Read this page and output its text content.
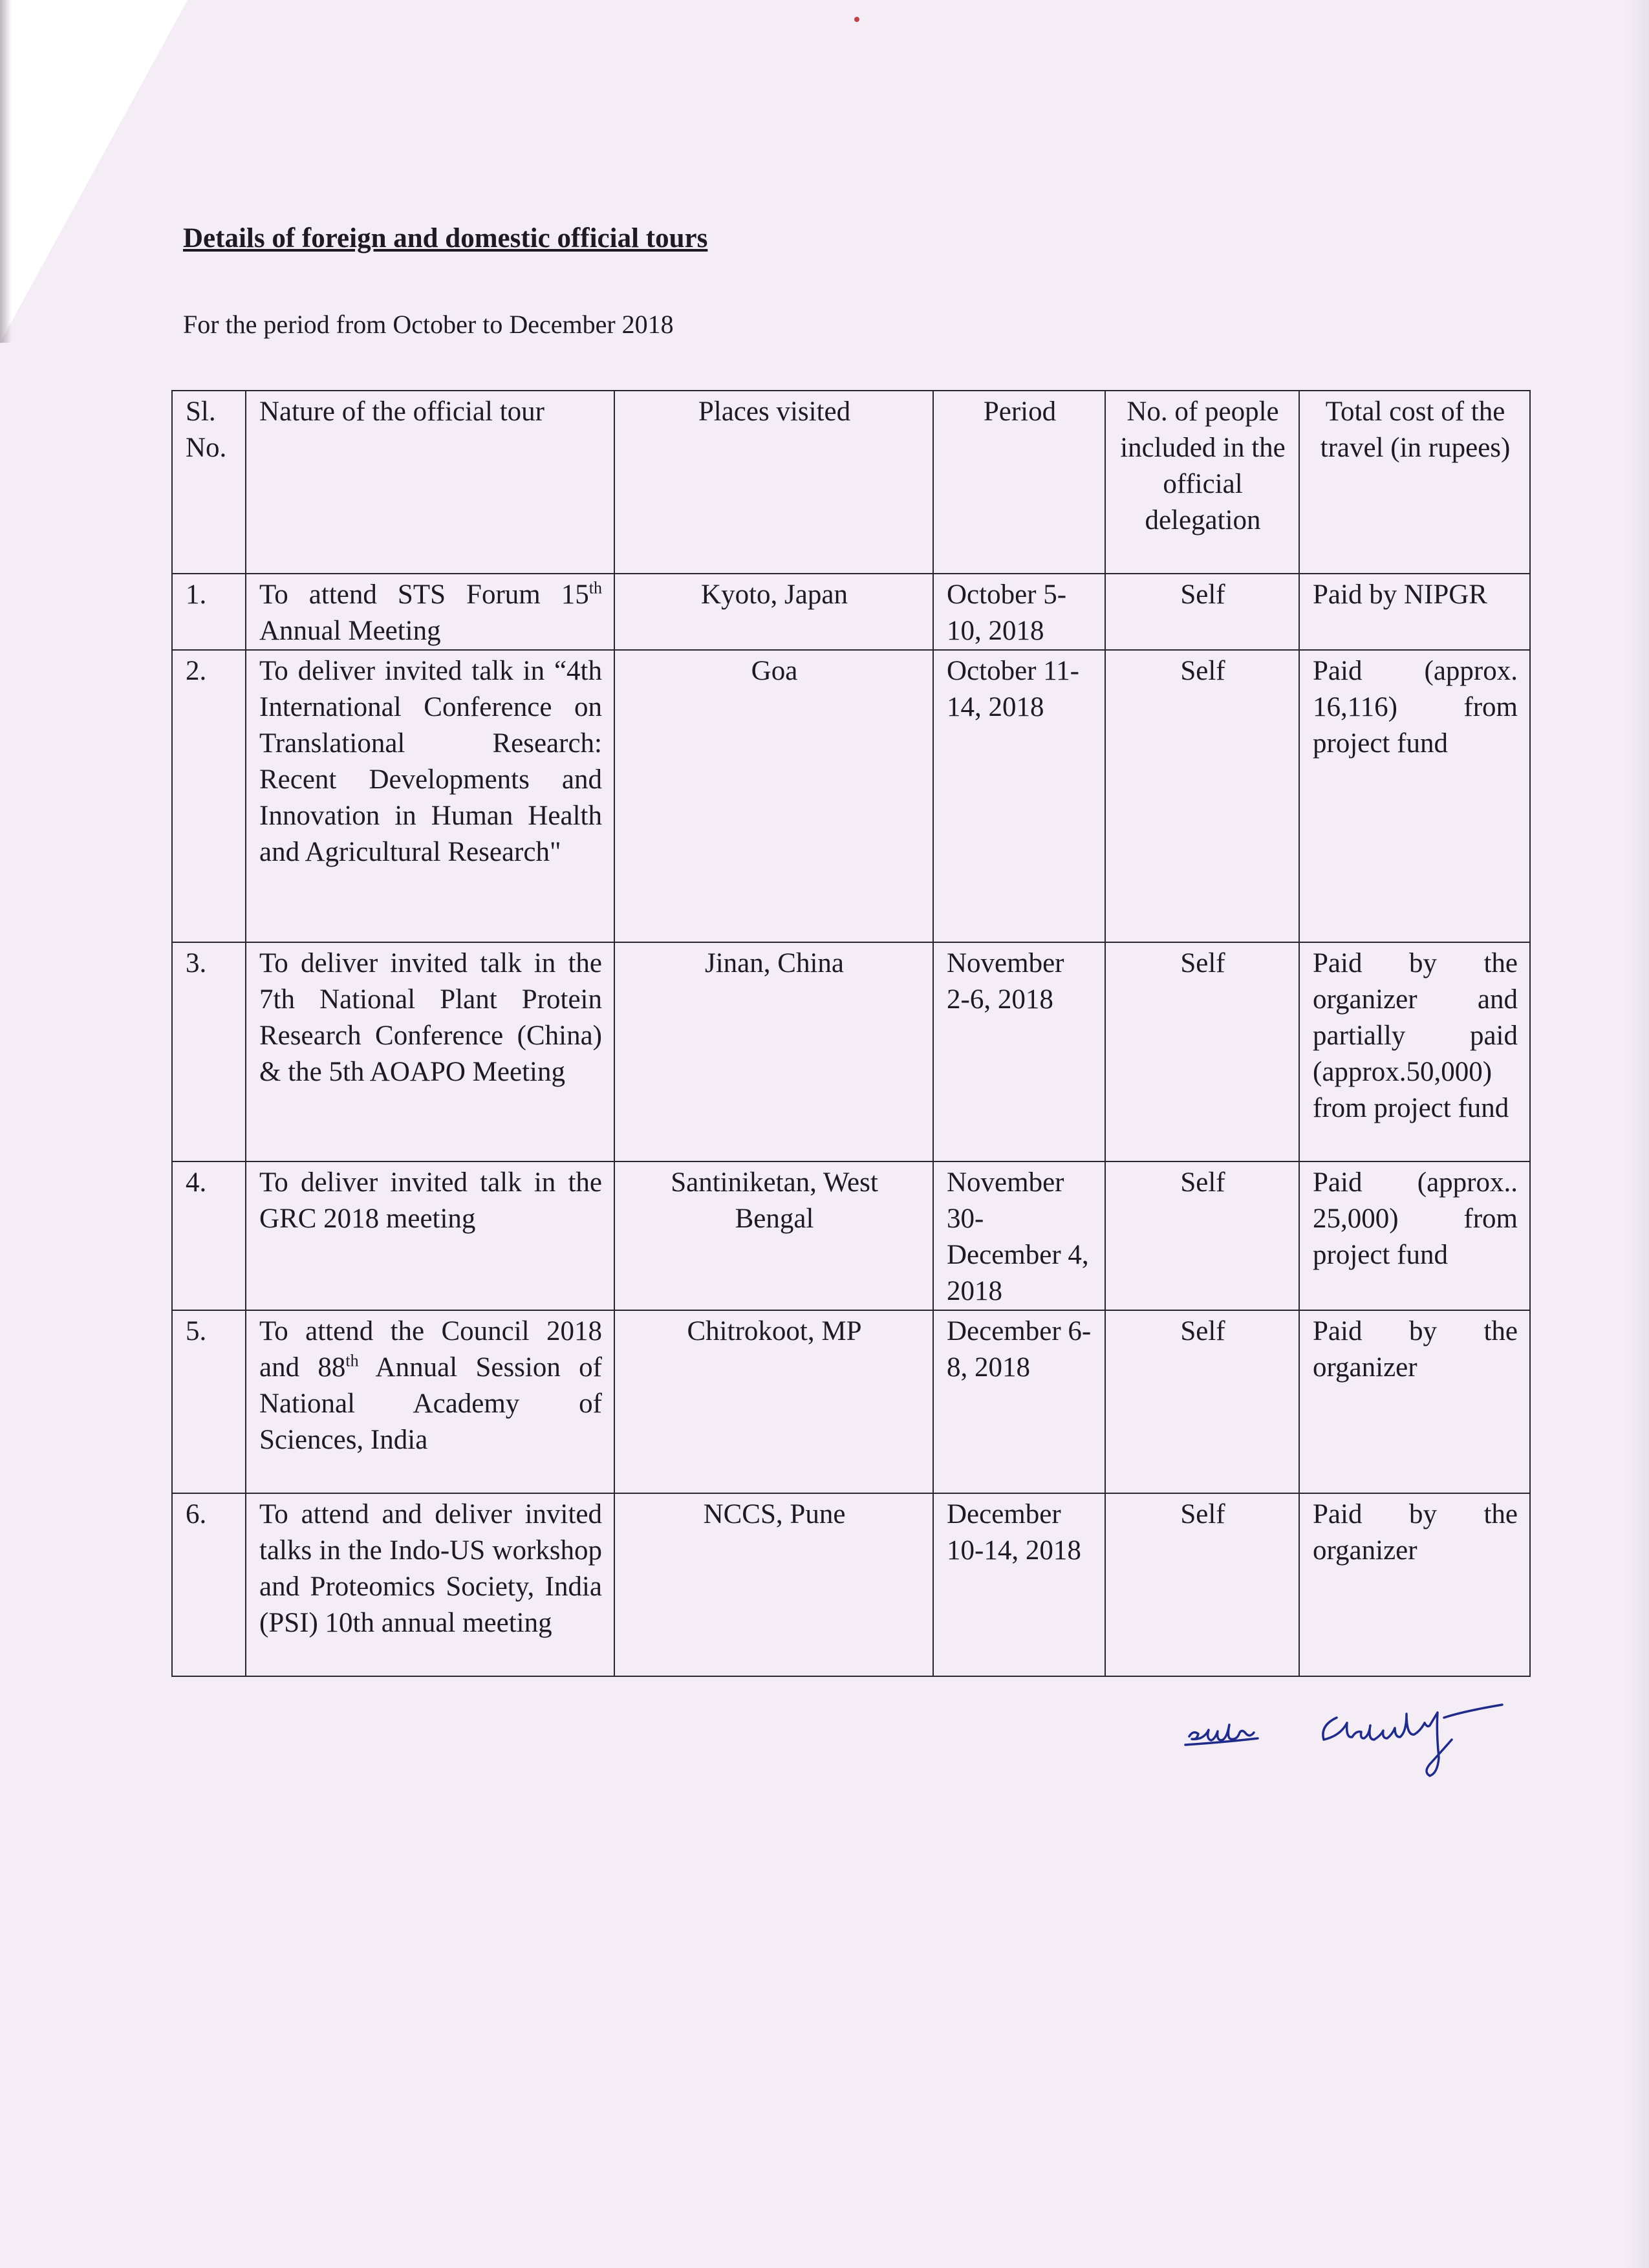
Details of foreign and domestic official tours

For the period from October to December 2018

Sl. No.	Nature of the official tour	Places visited	Period	No. of people included in the official delegation	Total cost of the travel (in rupees)
1.	To attend STS Forum 15th Annual Meeting	Kyoto, Japan	October 5-10, 2018	Self	Paid by NIPGR
2.	To deliver invited talk in “4th International Conference on Translational Research: Recent Developments and Innovation in Human Health and Agricultural Research"	Goa	October 11-14, 2018	Self	Paid (approx. 16,116) from project fund
3.	To deliver invited talk in the 7th National Plant Protein Research Conference (China) & the 5th AOAPO Meeting	Jinan, China	November 2-6, 2018	Self	Paid by the organizer and partially paid (approx.50,000) from project fund
4.	To deliver invited talk in the GRC 2018 meeting	Santiniketan, West Bengal	November 30-December 4, 2018	Self	Paid (approx.. 25,000) from project fund
5.	To attend the Council 2018 and 88th Annual Session of National Academy of Sciences, India	Chitrokoot, MP	December 6-8, 2018	Self	Paid by the organizer
6.	To attend and deliver invited talks in the Indo-US workshop and Proteomics Society, India (PSI) 10th annual meeting	NCCS, Pune	December 10-14, 2018	Self	Paid by the organizer
